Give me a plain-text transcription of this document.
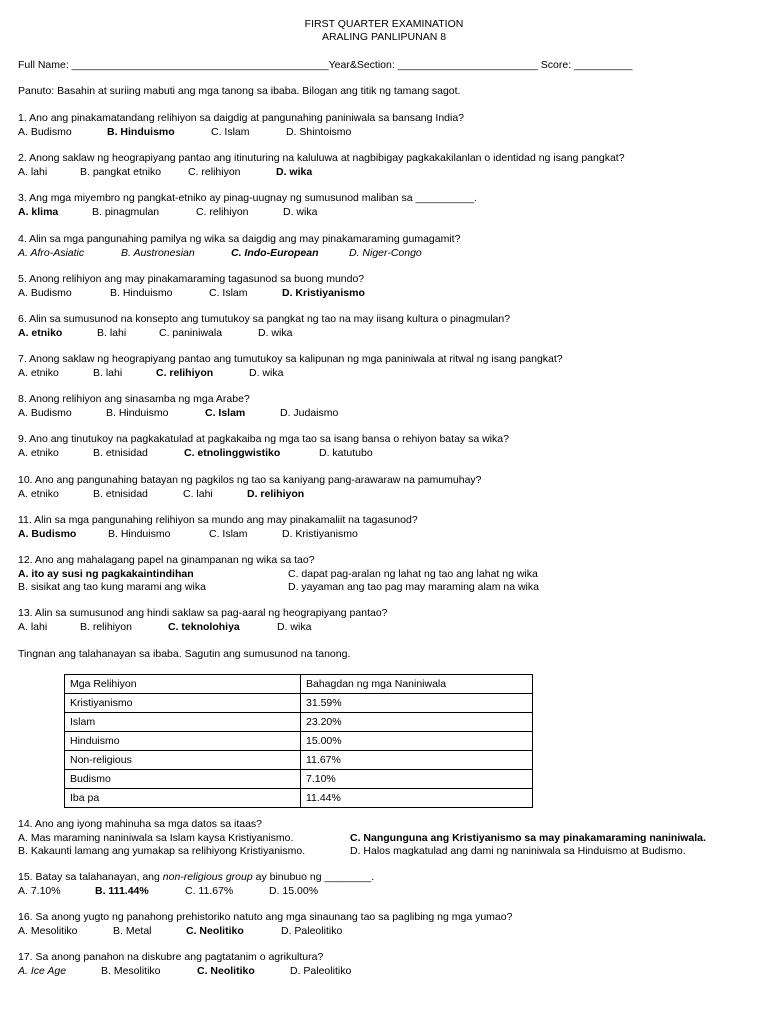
FIRST QUARTER EXAMINATION
ARALING PANLIPUNAN 8
Full Name: ____________________________________________Year&Section: ________________________ Score: __________
Panuto: Basahin at suriing mabuti ang mga tanong sa ibaba. Bilogan ang titik ng tamang sagot.
1. Ano ang pinakamatandang relihiyon sa daigdig at pangunahing paniniwala sa bansang India?
A. Budismo	B. Hinduismo	C. Islam	D. Shintoismo
2. Anong saklaw ng heograpiyang pantao ang itinuturing na kaluluwa at nagbibigay pagkakakilanlan o identidad ng isang pangkat?
A. lahi	B. pangkat etniko	C. relihiyon	D. wika
3. Ang mga miyembro ng pangkat-etniko ay pinag-uugnay ng sumusunod maliban sa __________.
A. klima	B. pinagmulan	C. relihiyon	D. wika
4. Alin sa mga pangunahing pamilya ng wika sa daigdig ang may pinakamaraming gumagamit?
A. Afro-Asiatic	B. Austronesian	C. Indo-European	D. Niger-Congo
5. Anong relihiyon ang may pinakamaraming tagasunod sa buong mundo?
A. Budismo	B. Hinduismo	C. Islam	D. Kristiyanismo
6. Alin sa sumusunod na konsepto ang tumutukoy sa pangkat ng tao na may iisang kultura o pinagmulan?
A. etniko	B. lahi	C. paniniwala	D. wika
7. Anong saklaw ng heograpiyang pantao ang tumutukoy sa kalipunan ng mga paniniwala at ritwal ng isang pangkat?
A. etniko	B. lahi	C. relihiyon	D. wika
8. Anong relihiyon ang sinasamba ng mga Arabe?
A. Budismo	B. Hinduismo	C. Islam	D. Judaismo
9. Ano ang tinutukoy na pagkakatulad at pagkakaiba ng mga tao sa isang bansa o rehiyon batay sa wika?
A. etniko	B. etnisidad	C. etnolinggwistiko	D. katutubo
10. Ano ang pangunahing batayan ng pagkilos ng tao sa kaniyang pang-arawaraw na pamumuhay?
A. etniko	B. etnisidad	C. lahi	D. relihiyon
11. Alin sa mga pangunahing relihiyon sa mundo ang may pinakamaliit na tagasunod?
A. Budismo	B. Hinduismo	C. Islam	D. Kristiyanismo
12. Ano ang mahalagang papel na ginampanan ng wika sa tao?
A. ito ay susi ng pagkakaintindihan	C. dapat pag-aralan ng lahat ng tao ang lahat ng wika
B. sisikat ang tao kung marami ang wika	D. yayaman ang tao pag may maraming alam na wika
13. Alin sa sumusunod ang hindi saklaw sa pag-aaral ng heograpiyang pantao?
A. lahi	B. relihiyon	C. teknolohiya	D. wika
Tingnan ang talahanayan sa ibaba. Sagutin ang sumusunod na tanong.
Mga Relihiyon	Bahagdan ng mga Naniniwala
Kristiyanismo	31.59%
Islam	23.20%
Hinduismo	15.00%
Non-religious	11.67%
Budismo	7.10%
Iba pa	11.44%
14. Ano ang iyong mahinuha sa mga datos sa itaas?
A. Mas maraming naniniwala sa Islam kaysa Kristiyanismo.	C. Nangunguna ang Kristiyanismo sa may pinakamaraming naniniwala.
B. Kakaunti lamang ang yumakap sa relihiyong Kristiyanismo.	D. Halos magkatulad ang dami ng naniniwala sa Hinduismo at Budismo.
15. Batay sa talahanayan, ang non-religious group ay binubuo ng ________.
A. 7.10%	B. 111.44%	C. 11.67%	D. 15.00%
16. Sa anong yugto ng panahong prehistoriko natuto ang mga sinaunang tao sa paglibing ng mga yumao?
A. Mesolitiko	B. Metal	C. Neolitiko	D. Paleolitiko
17. Sa anong panahon na diskubre ang pagtatanim o agrikultura?
A. Ice Age	B. Mesolitiko	C. Neolitiko	D. Paleolitiko
